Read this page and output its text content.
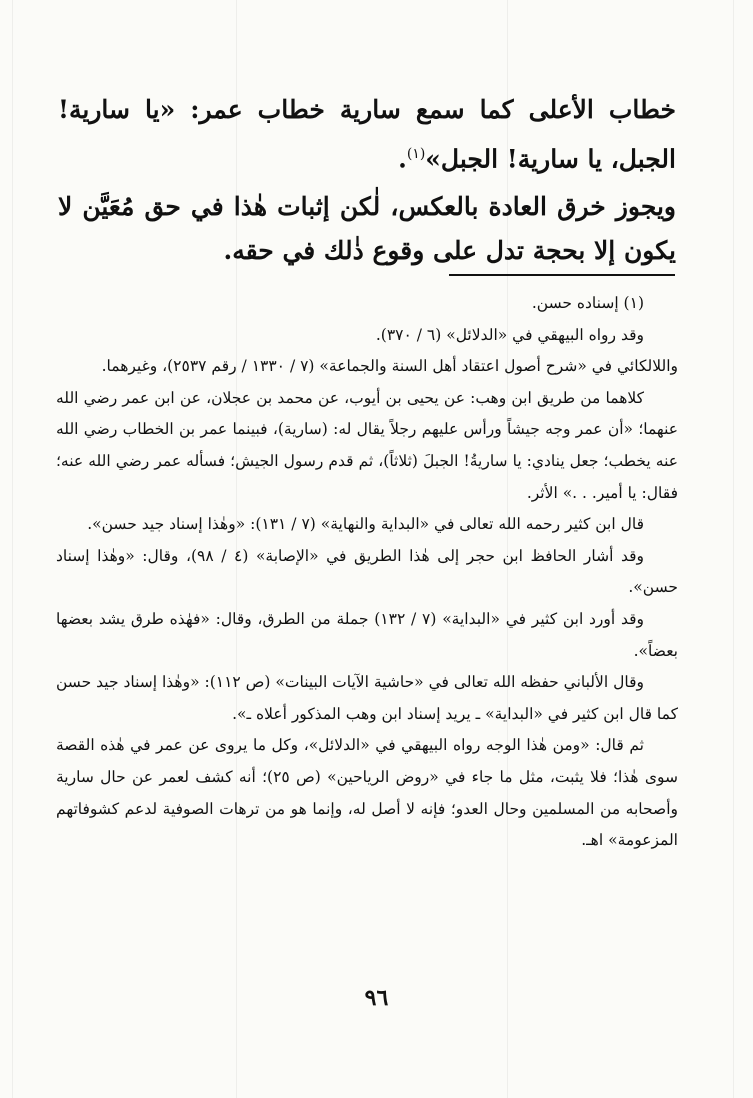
خطاب الأعلى كما سمع سارية خطاب عمر: «يا سارية! الجبل، يا سارية! الجبل»$^{(١)}$.

ويجوز خرق العادة بالعكس، لٰكن إثبات هٰذا في حق مُعَيَّن لا يكون إلا بحجة تدل على وقوع ذٰلك في حقه.

(١) إسناده حسن.

وقد رواه البيهقي في «الدلائل» (٦ / ٣٧٠).

واللالكائي في «شرح أصول اعتقاد أهل السنة والجماعة» (٧ / ١٣٣٠ / رقم ٢٥٣٧)، وغيرهما.

كلاهما من طريق ابن وهب: عن يحيى بن أيوب، عن محمد بن عجلان، عن ابن عمر رضي الله عنهما؛ «أن عمر وجه جيشاً ورأس عليهم رجلاً يقال له: (سارية)، فبينما عمر بن الخطاب رضي الله عنه يخطب؛ جعل ينادي: يا ساريةُ! الجبلَ (ثلاثاً)، ثم قدم رسول الجيش؛ فسأله عمر رضي الله عنه؛ فقال: يا أمير. . .» الأثر.

قال ابن كثير رحمه الله تعالى في «البداية والنهاية» (٧ / ١٣١): «وهٰذا إسناد جيد حسن».

وقد أشار الحافظ ابن حجر إلى هٰذا الطريق في «الإصابة» (٤ / ٩٨)، وقال: «وهٰذا إسناد حسن».

وقد أورد ابن كثير في «البداية» (٧ / ١٣٢) جملة من الطرق، وقال: «فهٰذه طرق يشد بعضها بعضاً».

وقال الألباني حفظه الله تعالى في «حاشية الآيات البينات» (ص ١١٢): «وهٰذا إسناد جيد حسن كما قال ابن كثير في «البداية» ـ يريد إسناد ابن وهب المذكور أعلاه ـ».

ثم قال: «ومن هٰذا الوجه رواه البيهقي في «الدلائل»، وكل ما يروى عن عمر في هٰذه القصة سوى هٰذا؛ فلا يثبت، مثل ما جاء في «روض الرياحين» (ص ٢٥)؛ أنه كشف لعمر عن حال سارية وأصحابه من المسلمين وحال العدو؛ فإنه لا أصل له، وإنما هو من ترهات الصوفية لدعم كشوفاتهم المزعومة» اهـ.

٩٦
